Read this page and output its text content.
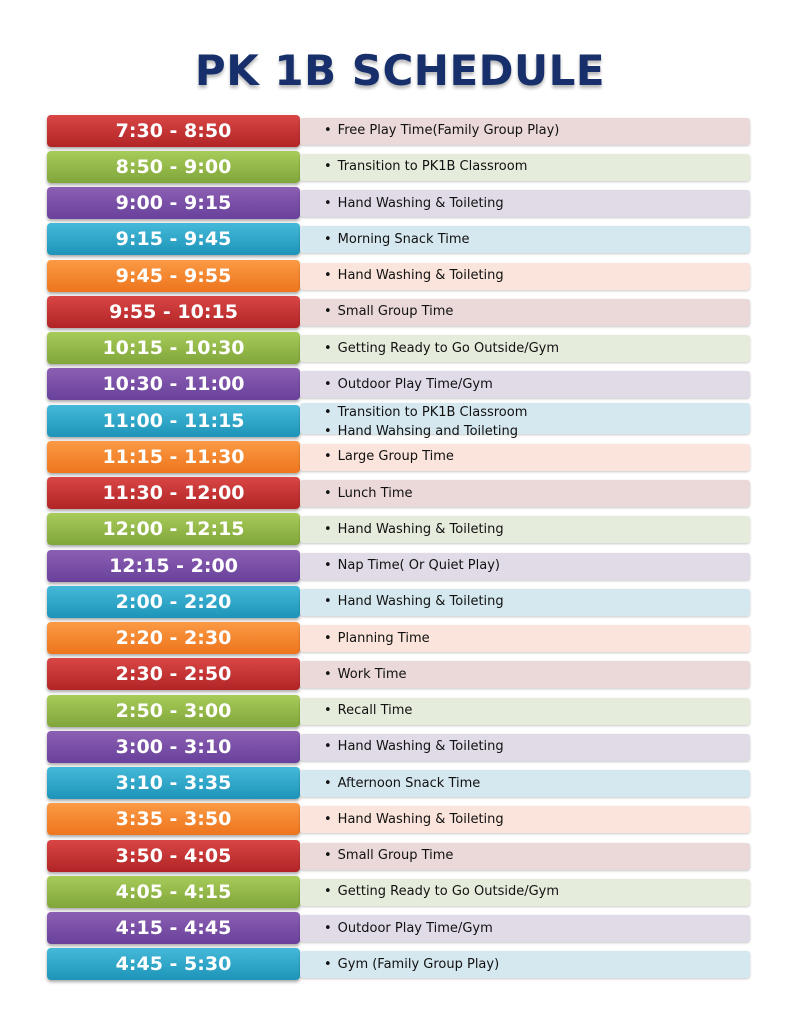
PK 1B SCHEDULE
7:30 - 8:50	• Free Play Time(Family Group Play)
8:50 - 9:00	• Transition to PK1B Classroom
9:00 - 9:15	• Hand Washing & Toileting
9:15 - 9:45	• Morning Snack Time
9:45 - 9:55	• Hand Washing & Toileting
9:55 - 10:15	• Small Group Time
10:15 - 10:30	• Getting Ready to Go Outside/Gym
10:30 - 11:00	• Outdoor Play Time/Gym
11:00 - 11:15	• Transition to PK1B Classroom
• Hand Wahsing and Toileting
11:15 - 11:30	• Large Group Time
11:30 - 12:00	• Lunch Time
12:00 - 12:15	• Hand Washing & Toileting
12:15 - 2:00	• Nap Time( Or Quiet Play)
2:00 - 2:20	• Hand Washing & Toileting
2:20 - 2:30	• Planning Time
2:30 - 2:50	• Work Time
2:50 - 3:00	• Recall Time
3:00 - 3:10	• Hand Washing & Toileting
3:10 - 3:35	• Afternoon Snack Time
3:35 - 3:50	• Hand Washing & Toileting
3:50 - 4:05	• Small Group Time
4:05 - 4:15	• Getting Ready to Go Outside/Gym
4:15 - 4:45	• Outdoor Play Time/Gym
4:45 - 5:30	• Gym (Family Group Play)
